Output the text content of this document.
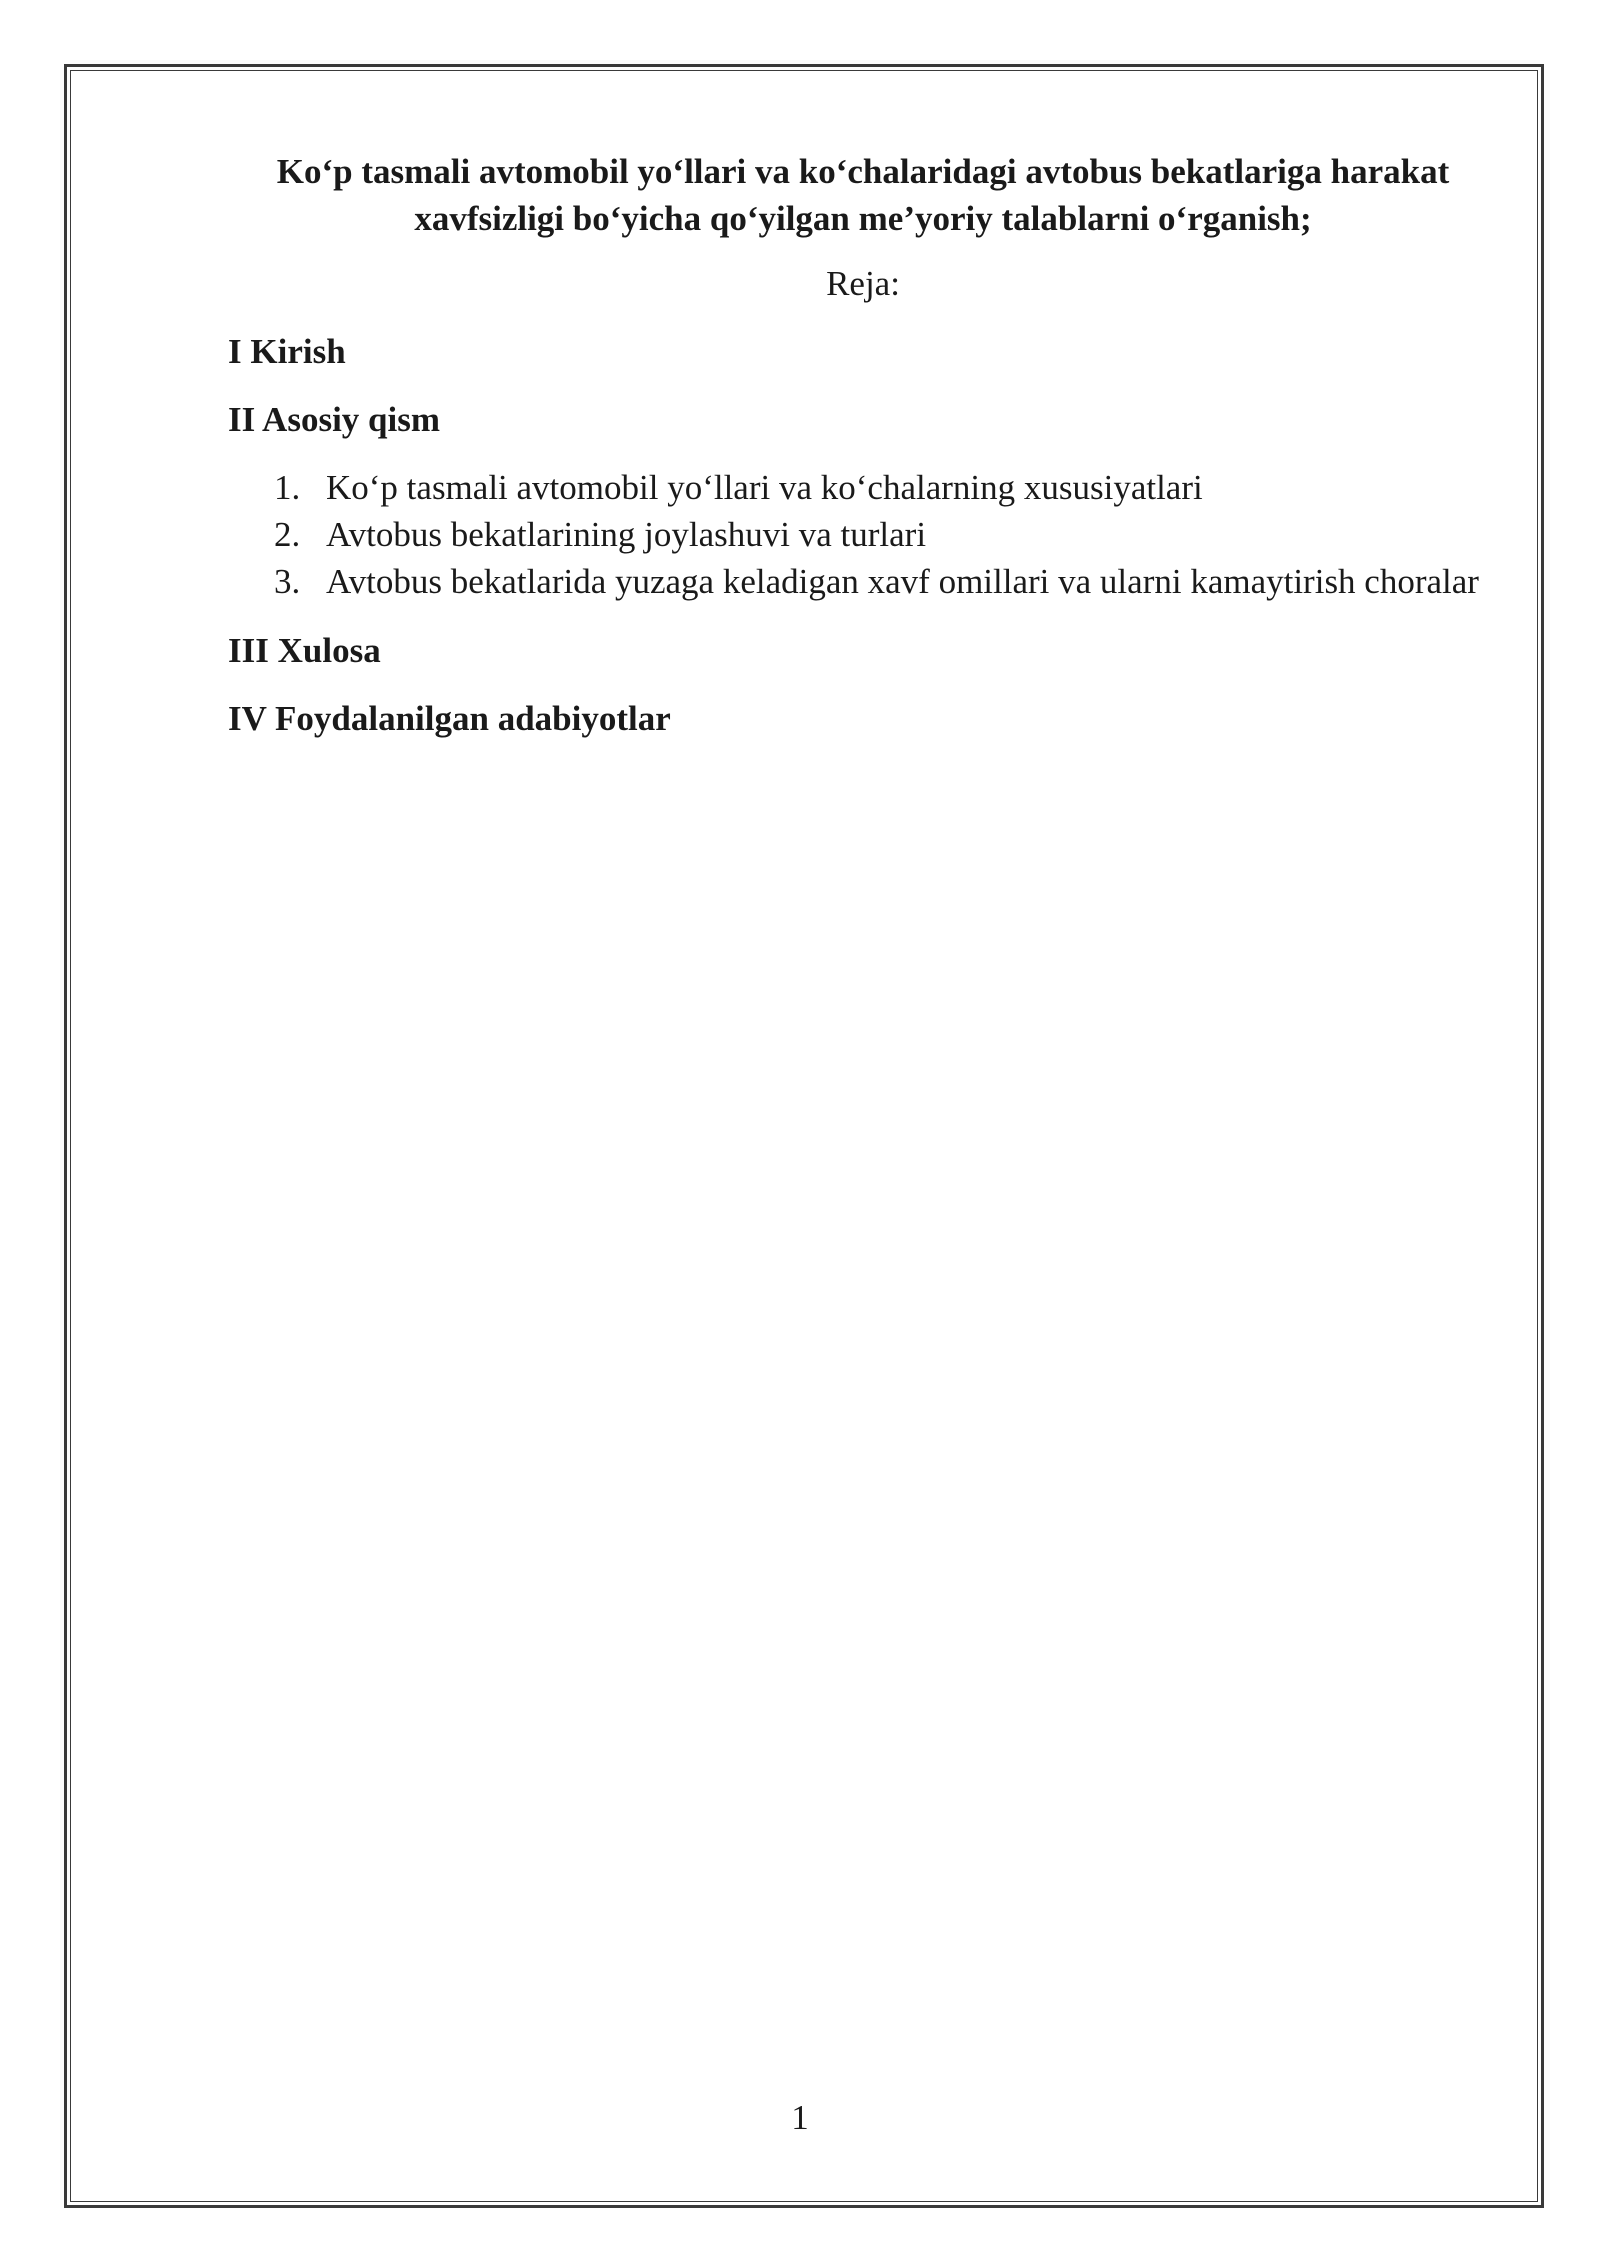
Ko‘p tasmali avtomobil yo‘llari va ko‘chalaridagi avtobus bekatlariga harakat xavfsizligi bo‘yicha qo‘yilgan me’yoriy talablarni o‘rganish;

Reja:

I Kirish

II Asosiy qism

1. Ko‘p tasmali avtomobil yo‘llari va ko‘chalarning xususiyatlari
2. Avtobus bekatlarining joylashuvi va turlari
3. Avtobus bekatlarida yuzaga keladigan xavf omillari va ularni kamaytirish choralar

III Xulosa

IV Foydalanilgan adabiyotlar

1
